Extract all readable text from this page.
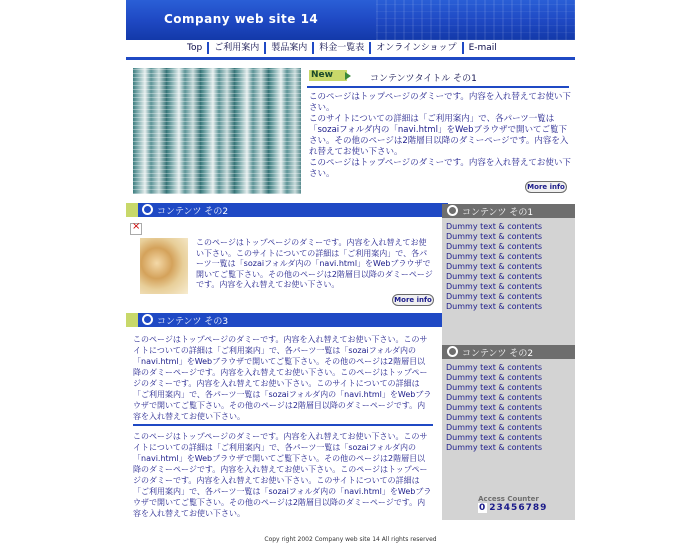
Company web site 14
Top	ご利用案内	製品案内	料金一覧表	オンラインショップ	E-mail
New	コンテンツタイトル その1
このページはトップページのダミーです。内容を入れ替えてお使い下さい。
このサイトについての詳細は「ご利用案内」で、各パーツ一覧は「sozaiフォルダ内の「navi.html」をWebブラウザで開いてご覧下さい。その他のページは2階層目以降のダミーページです。内容を入れ替えてお使い下さい。
このページはトップページのダミーです。内容を入れ替えてお使い下さい。
More info
コンテンツ その2
×
このページはトップページのダミーです。内容を入れ替えてお使い下さい。このサイトについての詳細は「ご利用案内」で、各パーツ一覧は「sozaiフォルダ内の「navi.html」をWebブラウザで開いてご覧下さい。その他のページは2階層目以降のダミーページです。内容を入れ替えてお使い下さい。
More info
コンテンツ その3
このページはトップページのダミーです。内容を入れ替えてお使い下さい。このサイトについての詳細は「ご利用案内」で、各パーツ一覧は「sozaiフォルダ内の「navi.html」をWebブラウザで開いてご覧下さい。その他のページは2階層目以降のダミーページです。内容を入れ替えてお使い下さい。このページはトップページのダミーです。内容を入れ替えてお使い下さい。このサイトについての詳細は「ご利用案内」で、各パーツ一覧は「sozaiフォルダ内の「navi.html」をWebブラウザで開いてご覧下さい。その他のページは2階層目以降のダミーページです。内容を入れ替えてお使い下さい。
このページはトップページのダミーです。内容を入れ替えてお使い下さい。このサイトについての詳細は「ご利用案内」で、各パーツ一覧は「sozaiフォルダ内の「navi.html」をWebブラウザで開いてご覧下さい。その他のページは2階層目以降のダミーページです。内容を入れ替えてお使い下さい。このページはトップページのダミーです。内容を入れ替えてお使い下さい。このサイトについての詳細は「ご利用案内」で、各パーツ一覧は「sozaiフォルダ内の「navi.html」をWebブラウザで開いてご覧下さい。その他のページは2階層目以降のダミーページです。内容を入れ替えてお使い下さい。
コンテンツ その1
Dummy text & contents Dummy text & contents Dummy text & contents Dummy text & contents Dummy text & contents Dummy text & contents Dummy text & contents Dummy text & contents Dummy text & contents
コンテンツ その2
Dummy text & contents Dummy text & contents Dummy text & contents Dummy text & contents Dummy text & contents Dummy text & contents Dummy text & contents Dummy text & contents Dummy text & contents
Access Counter
0 23456789
Copy right 2002 Company web site 14 All rights reserved
